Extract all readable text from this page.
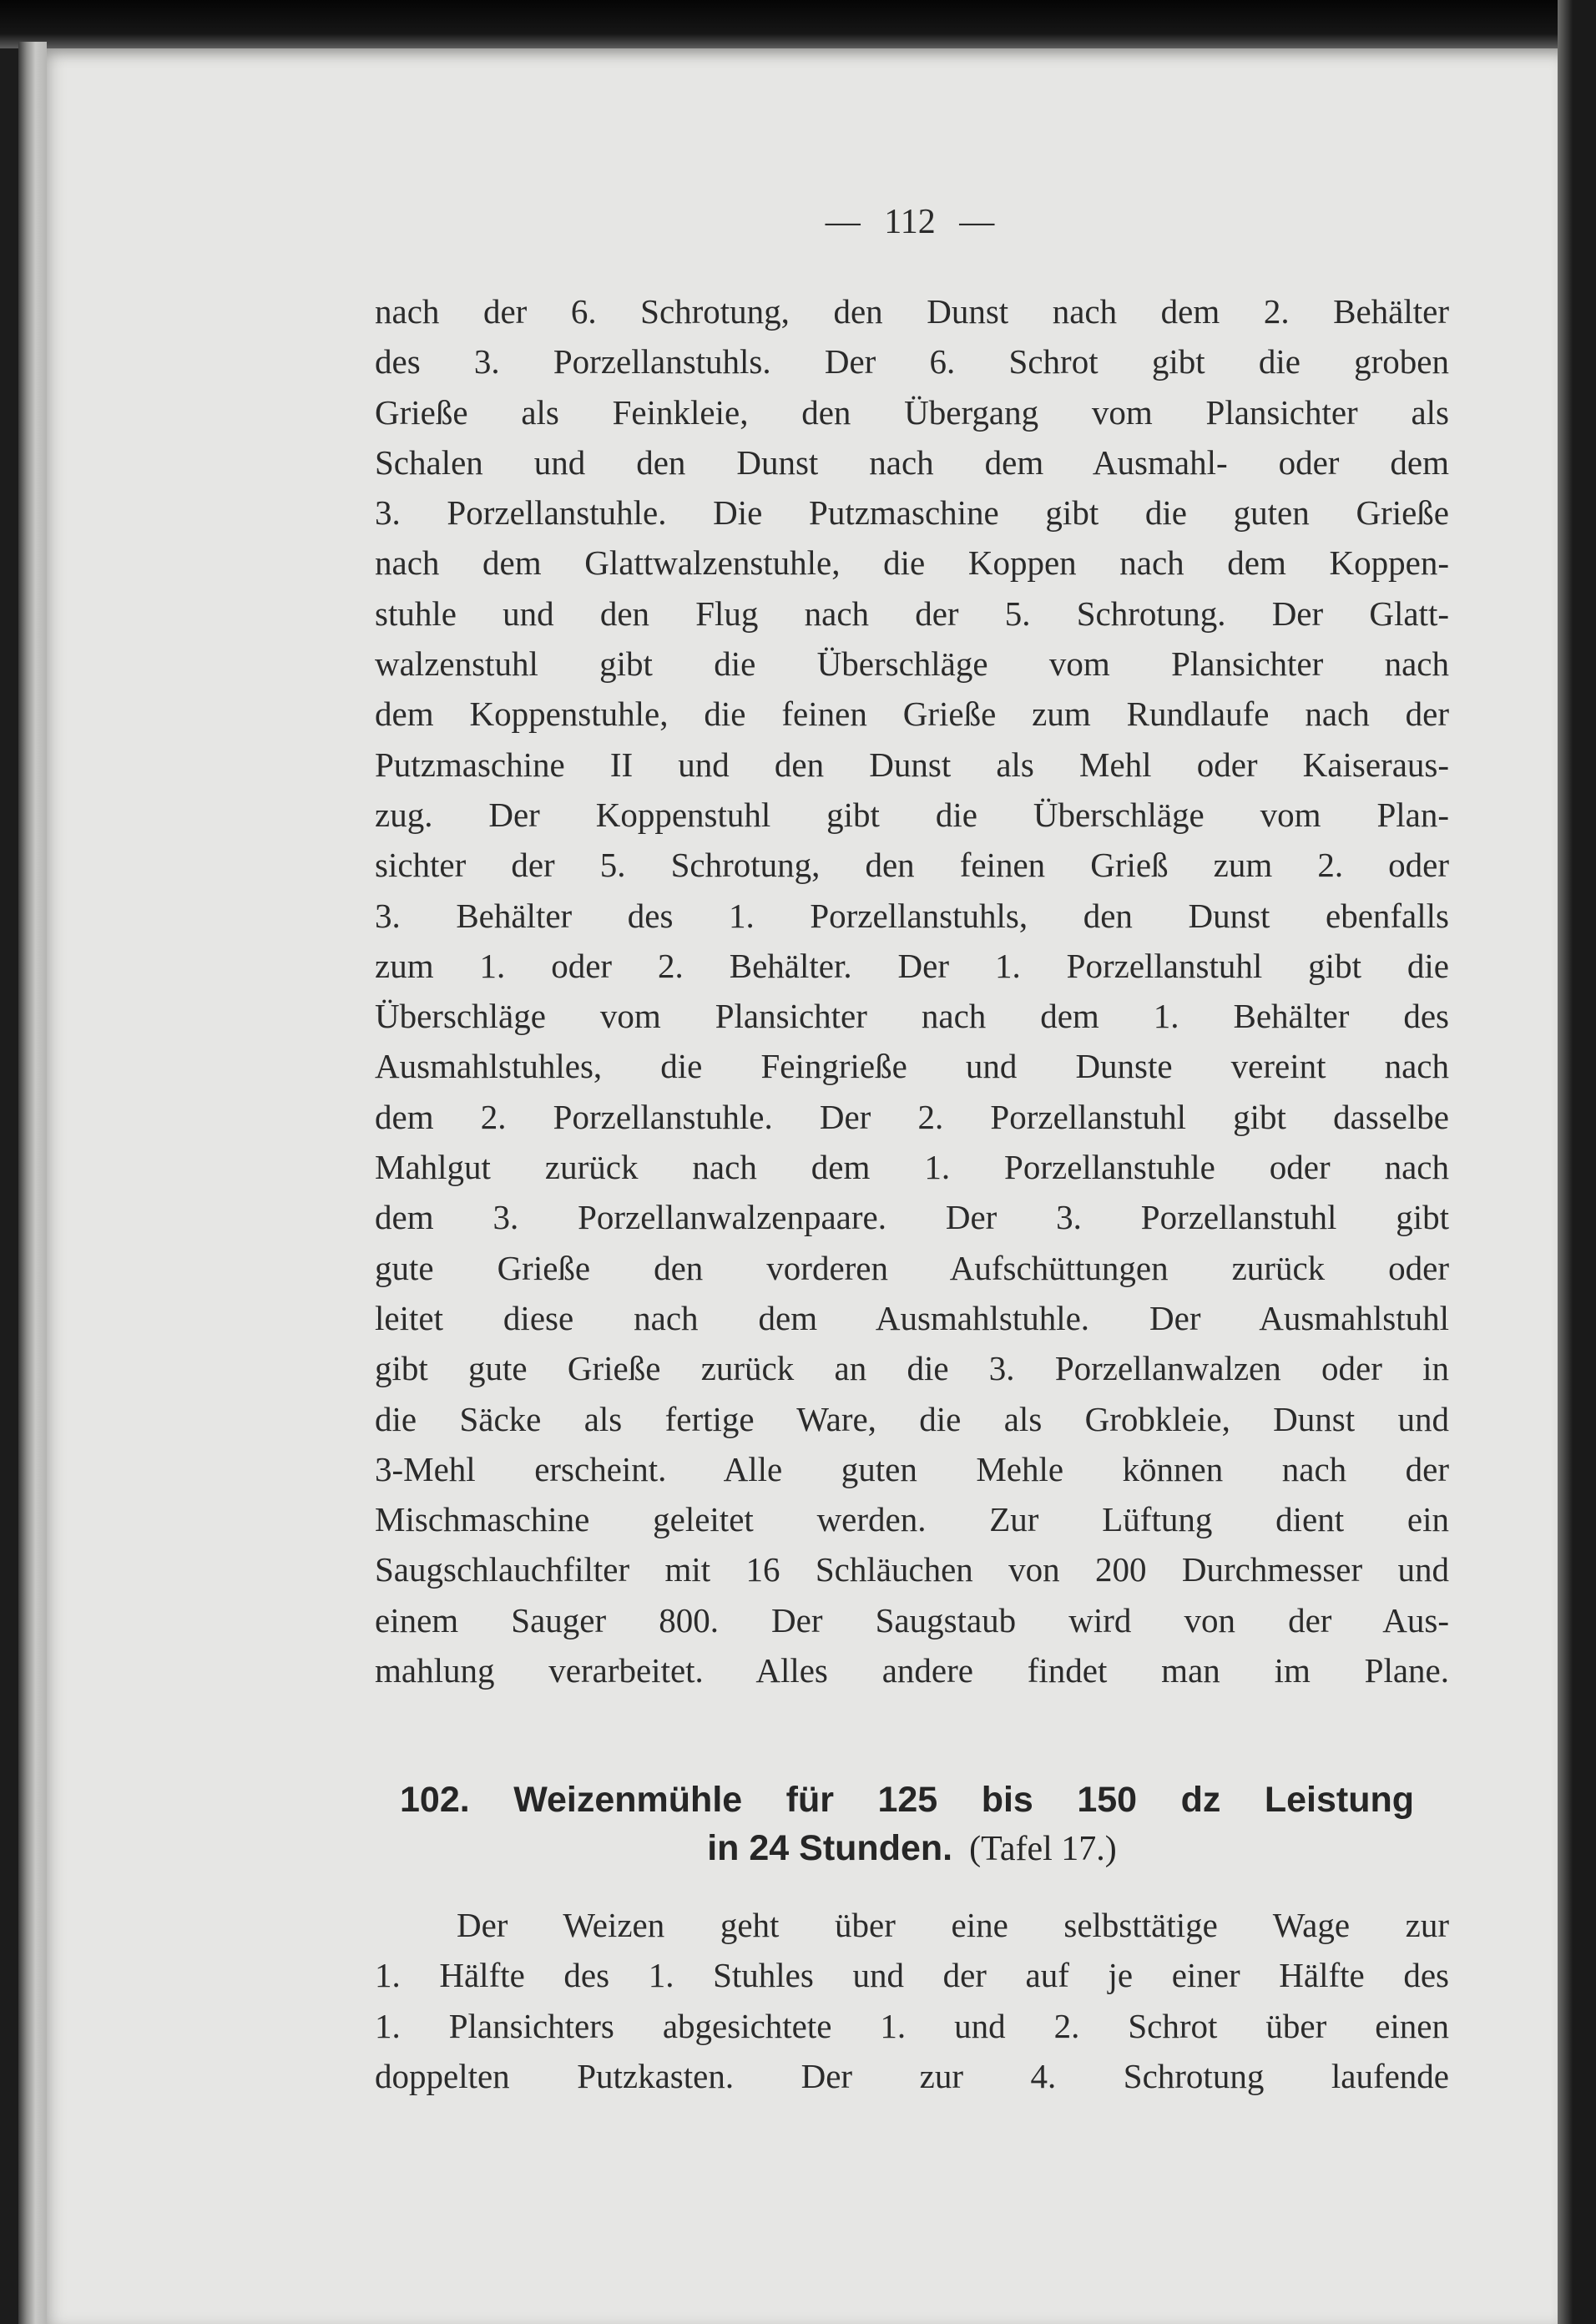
— 112 —
nach der 6. Schrotung, den Dunst nach dem 2. Behälter
des 3. Porzellanstuhls. Der 6. Schrot gibt die groben
Grieße als Feinkleie, den Übergang vom Plansichter als
Schalen und den Dunst nach dem Ausmahl- oder dem
3. Porzellanstuhle. Die Putzmaschine gibt die guten Grieße
nach dem Glattwalzenstuhle, die Koppen nach dem Koppen-
stuhle und den Flug nach der 5. Schrotung. Der Glatt-
walzenstuhl gibt die Überschläge vom Plansichter nach
dem Koppenstuhle, die feinen Grieße zum Rundlaufe nach der
Putzmaschine II und den Dunst als Mehl oder Kaiseraus-
zug. Der Koppenstuhl gibt die Überschläge vom Plan-
sichter der 5. Schrotung, den feinen Grieß zum 2. oder
3. Behälter des 1. Porzellanstuhls, den Dunst ebenfalls
zum 1. oder 2. Behälter. Der 1. Porzellanstuhl gibt die
Überschläge vom Plansichter nach dem 1. Behälter des
Ausmahlstuhles, die Feingrieße und Dunste vereint nach
dem 2. Porzellanstuhle. Der 2. Porzellanstuhl gibt dasselbe
Mahlgut zurück nach dem 1. Porzellanstuhle oder nach
dem 3. Porzellanwalzenpaare. Der 3. Porzellanstuhl gibt
gute Grieße den vorderen Aufschüttungen zurück oder
leitet diese nach dem Ausmahlstuhle. Der Ausmahlstuhl
gibt gute Grieße zurück an die 3. Porzellanwalzen oder in
die Säcke als fertige Ware, die als Grobkleie, Dunst und
3-Mehl erscheint. Alle guten Mehle können nach der
Mischmaschine geleitet werden. Zur Lüftung dient ein
Saugschlauchfilter mit 16 Schläuchen von 200 Durchmesser und
einem Sauger 800. Der Saugstaub wird von der Aus-
mahlung verarbeitet. Alles andere findet man im Plane.
102. Weizenmühle für 125 bis 150 dz Leistung
in 24 Stunden. (Tafel 17.)
Der Weizen geht über eine selbsttätige Wage zur
1. Hälfte des 1. Stuhles und der auf je einer Hälfte des
1. Plansichters abgesichtete 1. und 2. Schrot über einen
doppelten Putzkasten. Der zur 4. Schrotung laufende
